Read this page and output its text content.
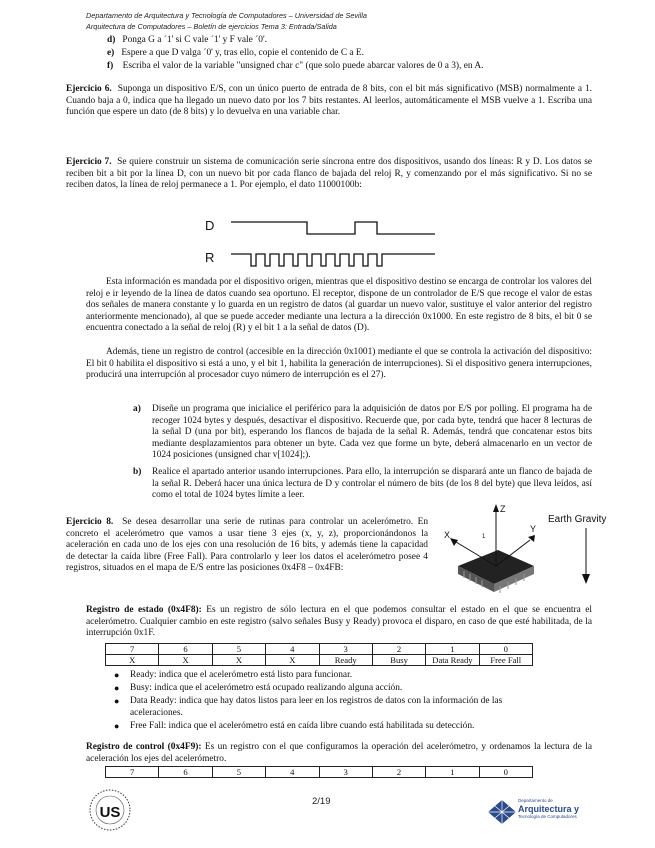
Departamento de Arquitectura y Tecnología de Computadores – Universidad de Sevilla
Arquitectura de Computadores – Boletín de ejercicios Tema 3: Entrada/Salida
d) Ponga G a ´1' si C vale ´1' y F vale ´0'.
e) Espere a que D valga ´0' y, tras ello, copie el contenido de C a E.
f) Escriba el valor de la variable "unsigned char c" (que solo puede abarcar valores de 0 a 3), en A.
Ejercicio 6. Suponga un dispositivo E/S, con un único puerto de entrada de 8 bits, con el bit más significativo (MSB) normalmente a 1. Cuando baja a 0, indica que ha llegado un nuevo dato por los 7 bits restantes. Al leerlos, automáticamente el MSB vuelve a 1. Escriba una función que espere un dato (de 8 bits) y lo devuelva en una variable char.
Ejercicio 7. Se quiere construir un sistema de comunicación serie síncrona entre dos dispositivos, usando dos líneas: R y D. Los datos se reciben bit a bit por la línea D, con un nuevo bit por cada flanco de bajada del reloj R, y comenzando por el más significativo. Si no se reciben datos, la línea de reloj permanece a 1. Por ejemplo, el dato 11000100b:
D
R
Esta información es mandada por el dispositivo origen, mientras que el dispositivo destino se encarga de controlar los valores del reloj e ir leyendo de la línea de datos cuando sea oportuno. El receptor, dispone de un controlador de E/S que recoge el valor de estas dos señales de manera constante y lo guarda en un registro de datos (al guardar un nuevo valor, sustituye el valor anterior del registro anteriormente mencionado), al que se puede acceder mediante una lectura a la dirección 0x1000. En este registro de 8 bits, el bit 0 se encuentra conectado a la señal de reloj (R) y el bit 1 a la señal de datos (D).
Además, tiene un registro de control (accesible en la dirección 0x1001) mediante el que se controla la activación del dispositivo: El bit 0 habilita el dispositivo si está a uno, y el bit 1, habilita la generación de interrupciones). Si el dispositivo genera interrupciones, producirá una interrupción al procesador cuyo número de interrupción es el 27).
a) Diseñe un programa que inicialice el periférico para la adquisición de datos por E/S por polling. El programa ha de recoger 1024 bytes y después, desactivar el dispositivo. Recuerde que, por cada byte, tendrá que hacer 8 lecturas de la señal D (una por bit), esperando los flancos de bajada de la señal R. Además, tendrá que concatenar estos bits mediante desplazamientos para obtener un byte. Cada vez que forme un byte, deberá almacenarlo en un vector de 1024 posiciones (unsigned char v[1024];).
b) Realice el apartado anterior usando interrupciones. Para ello, la interrupción se disparará ante un flanco de bajada de la señal R. Deberá hacer una única lectura de D y controlar el número de bits (de los 8 del byte) que lleva leídos, así como el total de 1024 bytes límite a leer.
Ejercicio 8. Se desea desarrollar una serie de rutinas para controlar un acelerómetro. En concreto el acelerómetro que vamos a usar tiene 3 ejes (x, y, z), proporcionándonos la aceleración en cada uno de los ejes con una resolución de 16 bits, y además tiene la capacidad de detectar la caída libre (Free Fall). Para controlarlo y leer los datos el acelerómetro posee 4 registros, situados en el mapa de E/S entre las posiciones 0x4F8 – 0x4FB:
Earth Gravity
Z
X
Y
1
Registro de estado (0x4F8): Es un registro de sólo lectura en el que podemos consultar el estado en el que se encuentra el acelerómetro. Cualquier cambio en este registro (salvo señales Busy y Ready) provoca el disparo, en caso de que esté habilitada, de la interrupción 0x1F.
7	6	5	4	3	2	1	0
X	X	X	X	Ready	Busy	Data Ready	Free Fall
● Ready: indica que el acelerómetro está listo para funcionar.
● Busy: indica que el acelerómetro está ocupado realizando alguna acción.
● Data Ready: indica que hay datos listos para leer en los registros de datos con la información de las aceleraciones.
● Free Fall: indica que el acelerómetro está en caída libre cuando está habilitada su detección.
Registro de control (0x4F9): Es un registro con el que configuramos la operación del acelerómetro, y ordenamos la lectura de la aceleración los ejes del acelerómetro.
7	6	5	4	3	2	1	0
US
2/19	Departamento de
Arquitectura y
Tecnología de Computadores
